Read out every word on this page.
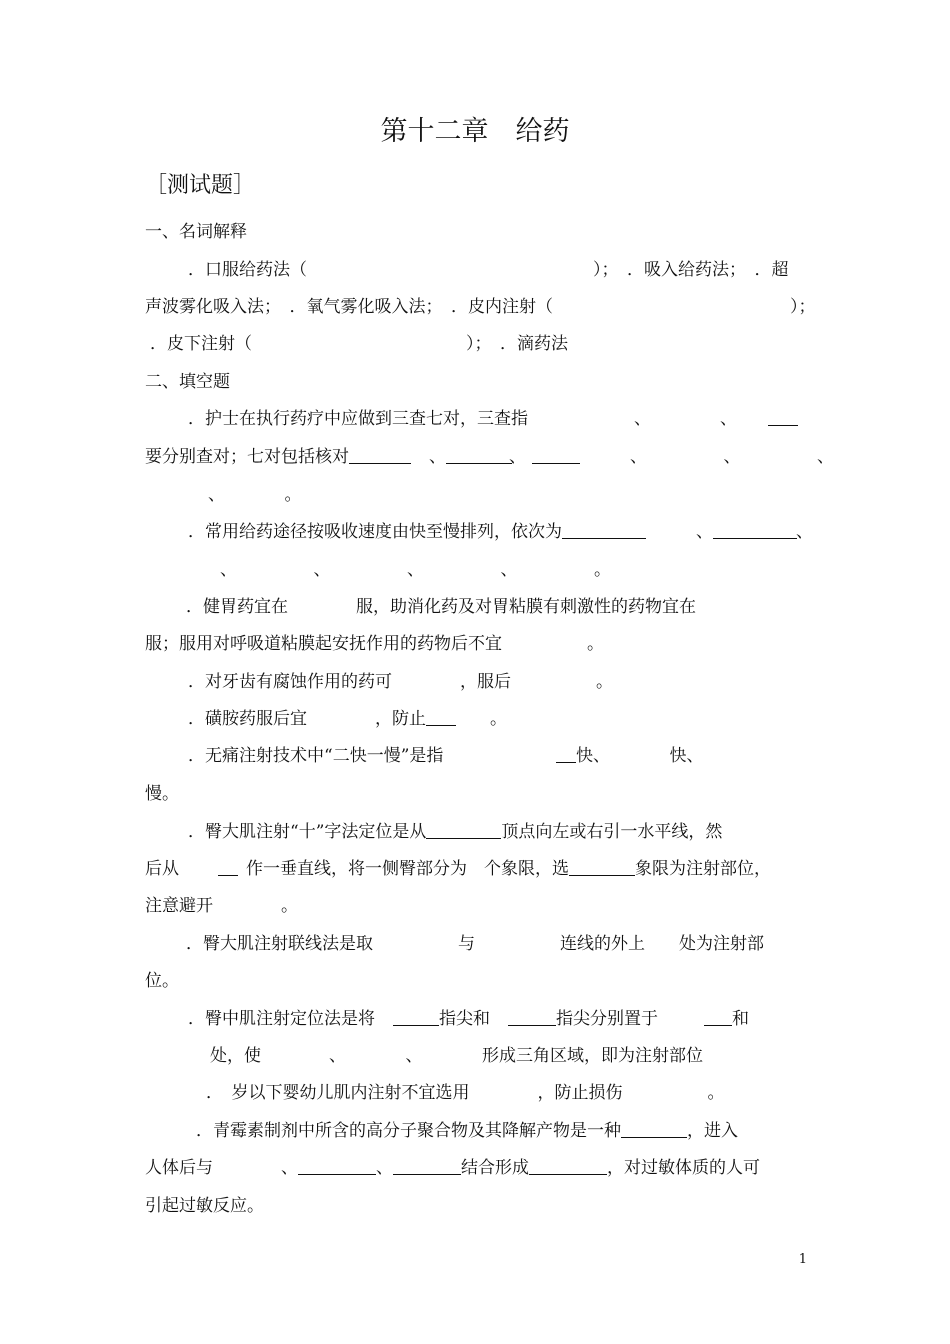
第十二章　给药
［测试题］
一、名词解释
．口服给药法（	）；　．吸入给药法；　．超
声波雾化吸入法；　．氧气雾化吸入法；　．皮内注射（	）；
．皮下注射（	）；　．滴药法
二、填空题
．护士在执行药疗中应做到三查七对，三查指	、	、
要分别查对；七对包括核对	、	、	、　　　　　、　　　　　、
、　　　　。
．常用给药途径按吸收速度由快至慢排列，依次为	、	、
、　　　　　、　　　　　、　　　　　、　　　　　。
．健胃药宜在　　　　服，助消化药及对胃粘膜有刺激性的药物宜在
服；服用对呼吸道粘膜起安抚作用的药物后不宜　　　　　。
．对牙齿有腐蚀作用的药可　　　　，服后　　　　　。
．磺胺药服后宜　　　　，防止　　。
．无痛注射技术中“二快一慢”是指	快、　　　　快、
慢。
．臀大肌注射“十”字法定位是从	顶点向左或右引一水平线，然
后从	作一垂直线，将一侧臀部分为　个象限，选	象限为注射部位，
注意避开　　　　。
．臀大肌注射联线法是取　　　　　与　　　　　连线的外上　　处为注射部
位。
．臀中肌注射定位法是将	指尖和	指尖分别置于	和
处，使　　　　、　　　　、　　　　形成三角区域，即为注射部位
．　岁以下婴幼儿肌内注射不宜选用　　　　，防止损伤　　　　　。
．青霉素制剂中所含的高分子聚合物及其降解产物是一种	，进入
人体后与　　　　、	、	结合形成	，对过敏体质的人可
引起过敏反应。
1
